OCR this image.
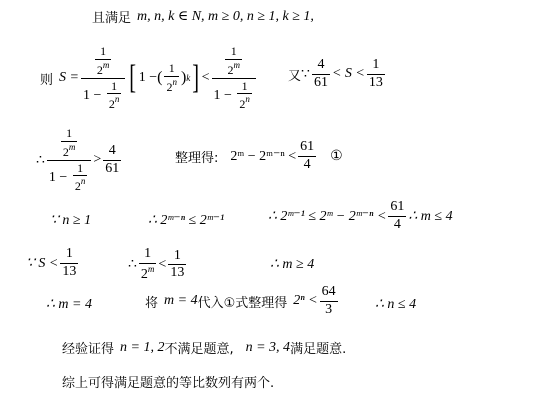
且满足 m, n, k ∈ N, m ≥ 0, n ≥ 1, k ≥ 1,
则 $S = \frac{\frac{1}{2^m}}{1 - \frac{1}{2^n}}$ [ 1 − ( $\frac{1}{2^n}$ ) k ] < $\frac{\frac{1}{2^m}}{1 - \frac{1}{2^n}}$ 又 ∵ $\frac{4}{61} < S < \frac{1}{13}$
∴ $\frac{\frac{1}{2^m}}{1 - \frac{1}{2^n}} > \frac{4}{61}$	整理得: 2ᵐ − 2ᵐ⁻ⁿ < $\frac{61}{4}$ ①
∵ n ≥ 1	∴ 2ᵐ⁻ⁿ ≤ 2ᵐ⁻¹	∴ 2ᵐ⁻¹ ≤ 2ᵐ − 2ᵐ⁻ⁿ < $\frac{61}{4}$ ∴ m ≤ 4
∵ $S < \frac{1}{13}$	∴ $\frac{1}{2^m} < \frac{1}{13}$	∴ m ≥ 4
∴ m = 4	将 m = 4 代入①式整理得 $2^n < \frac{64}{3}$	∴ n ≤ 4
经验证得 n = 1, 2 不满足题意, n = 3, 4 满足题意.
综上可得满足题意的等比数列有两个.
